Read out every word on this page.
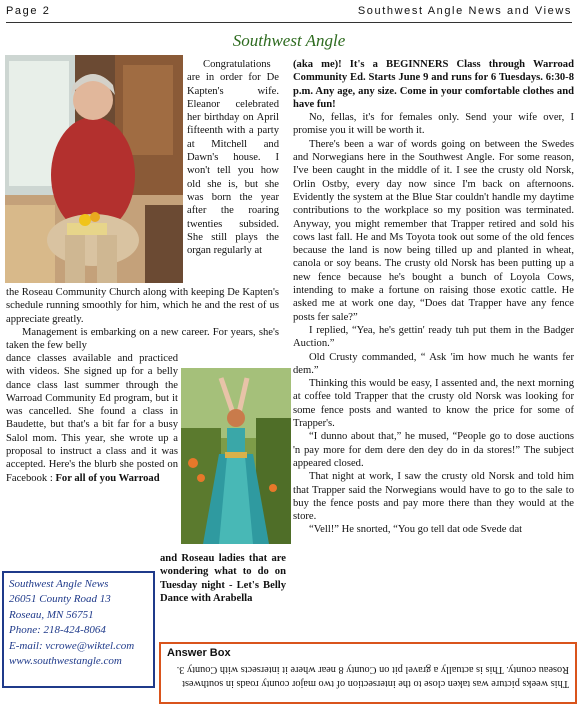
Page 2	Southwest Angle News and Views
Southwest Angle

Congratulations are in order for De Kapten's wife. Eleanor celebrated her birthday on April fifteenth with a party at Mitchell and Dawn's house. I won't tell you how old she is, but she was born the year after the roaring twenties subsided. She still plays the organ regularly at

the Roseau Community Church along with keeping De Kapten's schedule running smoothly for him, which he and the rest of us appreciate greatly.

Management is embarking on a new career. For years, she's taken the few belly

dance classes available and practiced with videos. She signed up for a belly dance class last summer through the Warroad Community Ed program, but it was cancelled. She found a class in Baudette, but that's a bit far for a busy Salol mom. This year, she wrote up a proposal to instruct a class and it was accepted. Here's the blurb she posted on Facebook : For all of you Warroad

and Roseau ladies that are wondering what to do on Tuesday night - Let's Belly Dance with Arabella

(aka me)! It's a BEGINNERS Class through Warroad Community Ed. Starts June 9 and runs for 6 Tuesdays. 6:30-8 p.m. Any age, any size. Come in your comfortable clothes and have fun!

No, fellas, it's for females only. Send your wife over, I promise you it will be worth it.

There's been a war of words going on between the Swedes and Norwegians here in the Southwest Angle. For some reason, I've been caught in the middle of it. I see the crusty old Norsk, Orlin Ostby, every day now since I'm back on afternoons. Evidently the system at the Blue Star couldn't handle my daytime contributions to the workplace so my position was terminated. Anyway, you might remember that Trapper retired and sold his cows last fall. He and Ms Toyota took out some of the old fences because the land is now being tilled up and planted in wheat, canola or soy beans. The crusty old Norsk has been putting up a new fence because he's bought a bunch of Loyola Cows, intending to make a fortune on raising those exotic cattle. He asked me at work one day, “Does dat Trapper have any fence posts fer sale?”

I replied, “Yea, he's gettin' ready tuh put them in the Badger Auction.”

Old Crusty commanded, “ Ask 'im how much he wants fer dem.”

Thinking this would be easy, I assented and, the next morning at coffee told Trapper that the crusty old Norsk was looking for some fence posts and wanted to know the price for some of Trapper's.

“I dunno about that,” he mused, “People go to dose auctions 'n pay more for dem dere den dey do in da stores!” The subject appeared closed.

That night at work, I saw the crusty old Norsk and told him that Trapper said the Norwegians would have to go to the sale to buy the fence posts and pay more there than they would at the store.

“Vell!” He snorted, “You go tell dat ode Svede dat

Southwest Angle News
26051 County Road 13
Roseau, MN 56751
Phone: 218-424-8064
E-mail: vcrowe@wiktel.com
www.southwestangle.com
Answer Box
This weeks picture was taken close to the intersection of two major county roads in southwest Roseau county. This is actually a gravel pit on County 8 near where it intersects with County 3.
